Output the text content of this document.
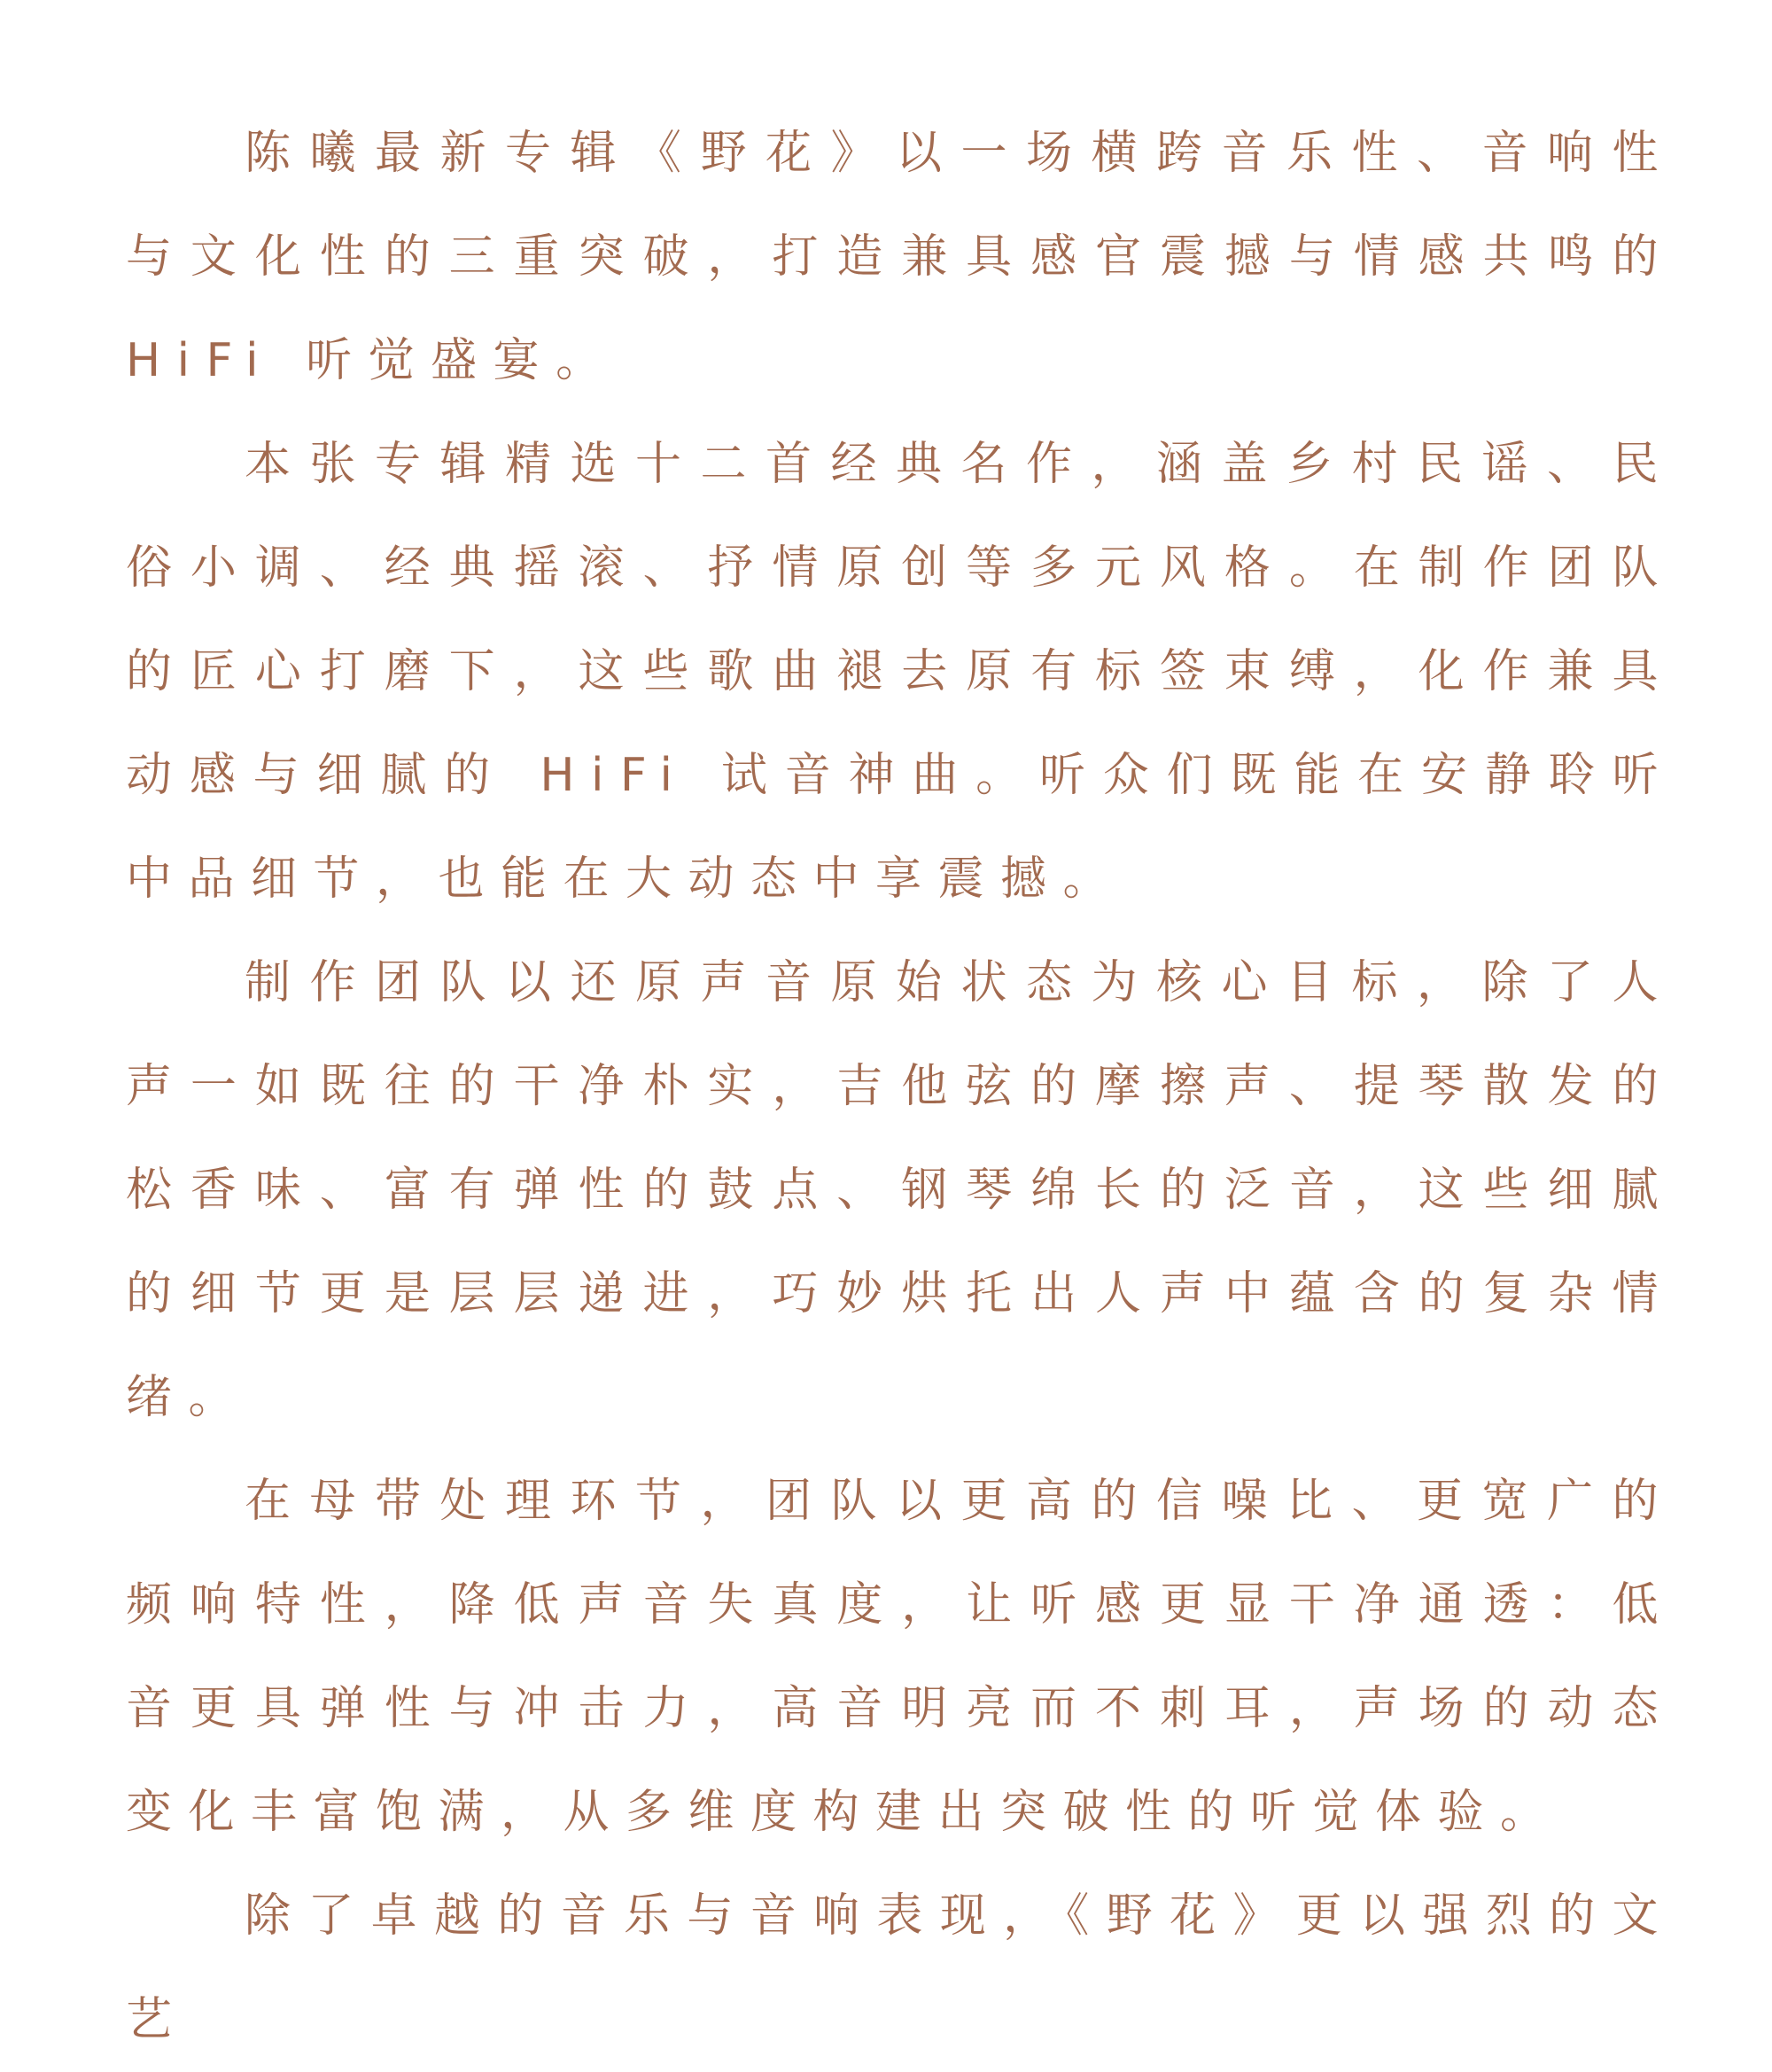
陈曦最新专辑《野花》以一场横跨音乐性、音响性与文化性的三重突破，打造兼具感官震撼与情感共鸣的 HiFi 听觉盛宴。

本张专辑精选十二首经典名作，涵盖乡村民谣、民俗小调、经典摇滚、抒情原创等多元风格。在制作团队的匠心打磨下，这些歌曲褪去原有标签束缚，化作兼具动感与细腻的 HiFi 试音神曲。听众们既能在安静聆听中品细节，也能在大动态中享震撼。

制作团队以还原声音原始状态为核心目标，除了人声一如既往的干净朴实，吉他弦的摩擦声、提琴散发的松香味、富有弹性的鼓点、钢琴绵长的泛音，这些细腻的细节更是层层递进，巧妙烘托出人声中蕴含的复杂情绪。

在母带处理环节，团队以更高的信噪比、更宽广的频响特性，降低声音失真度，让听感更显干净通透：低音更具弹性与冲击力，高音明亮而不刺耳，声场的动态变化丰富饱满，从多维度构建出突破性的听觉体验。

除了卓越的音乐与音响表现，《野花》更以强烈的文艺
